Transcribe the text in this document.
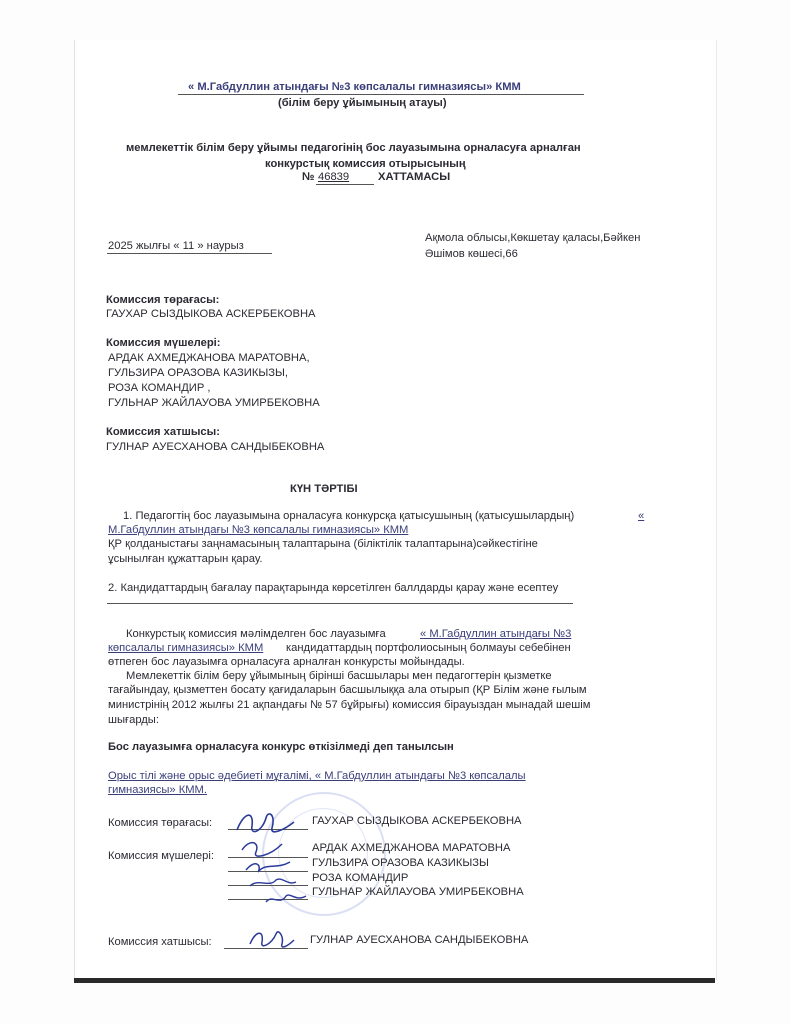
« М.Габдуллин атындағы №3 көпсалалы гимназиясы» КММ
(білім беру ұйымының атауы)
мемлекеттік білім беру ұйымы педагогінің бос лауазымына орналасуға арналған
конкурстық комиссия отырысының
№ 46839	ХАТТАМАСЫ
2025 жылғы « 11 » наурыз
Ақмола облысы,Көкшетау қаласы,Бәйкен
Әшімов көшесі,66
Комиссия төрағасы:
ГАУХАР СЫЗДЫКОВА АСКЕРБЕКОВНА
Комиссия мүшелері:
АРДАК АХМЕДЖАНОВА МАРАТОВНА,
ГУЛЬЗИРА ОРАЗОВА КАЗИКЫЗЫ,
РОЗА КОМАНДИР ,
ГУЛЬНАР ЖАЙЛАУОВА УМИРБЕКОВНА
Комиссия хатшысы:
ГУЛНАР АУЕСХАНОВА САНДЫБЕКОВНА
КҮН ТӘРТІБІ
1. Педагогтің бос лауазымына орналасуға конкурсқа қатысушының (қатысушылардың)	«
М.Габдуллин атындағы №3 көпсалалы гимназиясы» КММ
ҚР қолданыстағы заңнамасының талаптарына (біліктілік талаптарына)сәйкестігіне
ұсынылған құжаттарын қарау.
2. Кандидаттардың бағалау парақтарында көрсетілген баллдарды қарау және есептеу
Конкурстық комиссия мәлімделген бос лауазымға	« М.Габдуллин атындағы №3
көпсалалы гимназиясы» КММ кандидаттардың портфолиосының болмауы себебінен
өтпеген бос лауазымға орналасуға арналған конкурсты мойындады.
Мемлекеттік білім беру ұйымының бірінші басшылары мен педагогтерін қызметке
тағайындау, қызметтен босату қағидаларын басшылыққа ала отырып (ҚР Білім және ғылым
министрінің 2012 жылғы 21 ақпандағы № 57 бұйрығы) комиссия бірауыздан мынадай шешім
шығарды:
Бос лауазымға орналасуға конкурс өткізілмеді деп танылсын
Орыс тілі және орыс әдебиеті мұғалімі, « М.Габдуллин атындағы №3 көпсалалы
гимназиясы» КММ.
Комиссия төрағасы:	ГАУХАР СЫЗДЫКОВА АСКЕРБЕКОВНА
Комиссия мүшелері:
АРДАК АХМЕДЖАНОВА МАРАТОВНА
ГУЛЬЗИРА ОРАЗОВА КАЗИКЫЗЫ
РОЗА КОМАНДИР
ГУЛЬНАР ЖАЙЛАУОВА УМИРБЕКОВНА
Комиссия хатшысы:	ГУЛНАР АУЕСХАНОВА САНДЫБЕКОВНА
